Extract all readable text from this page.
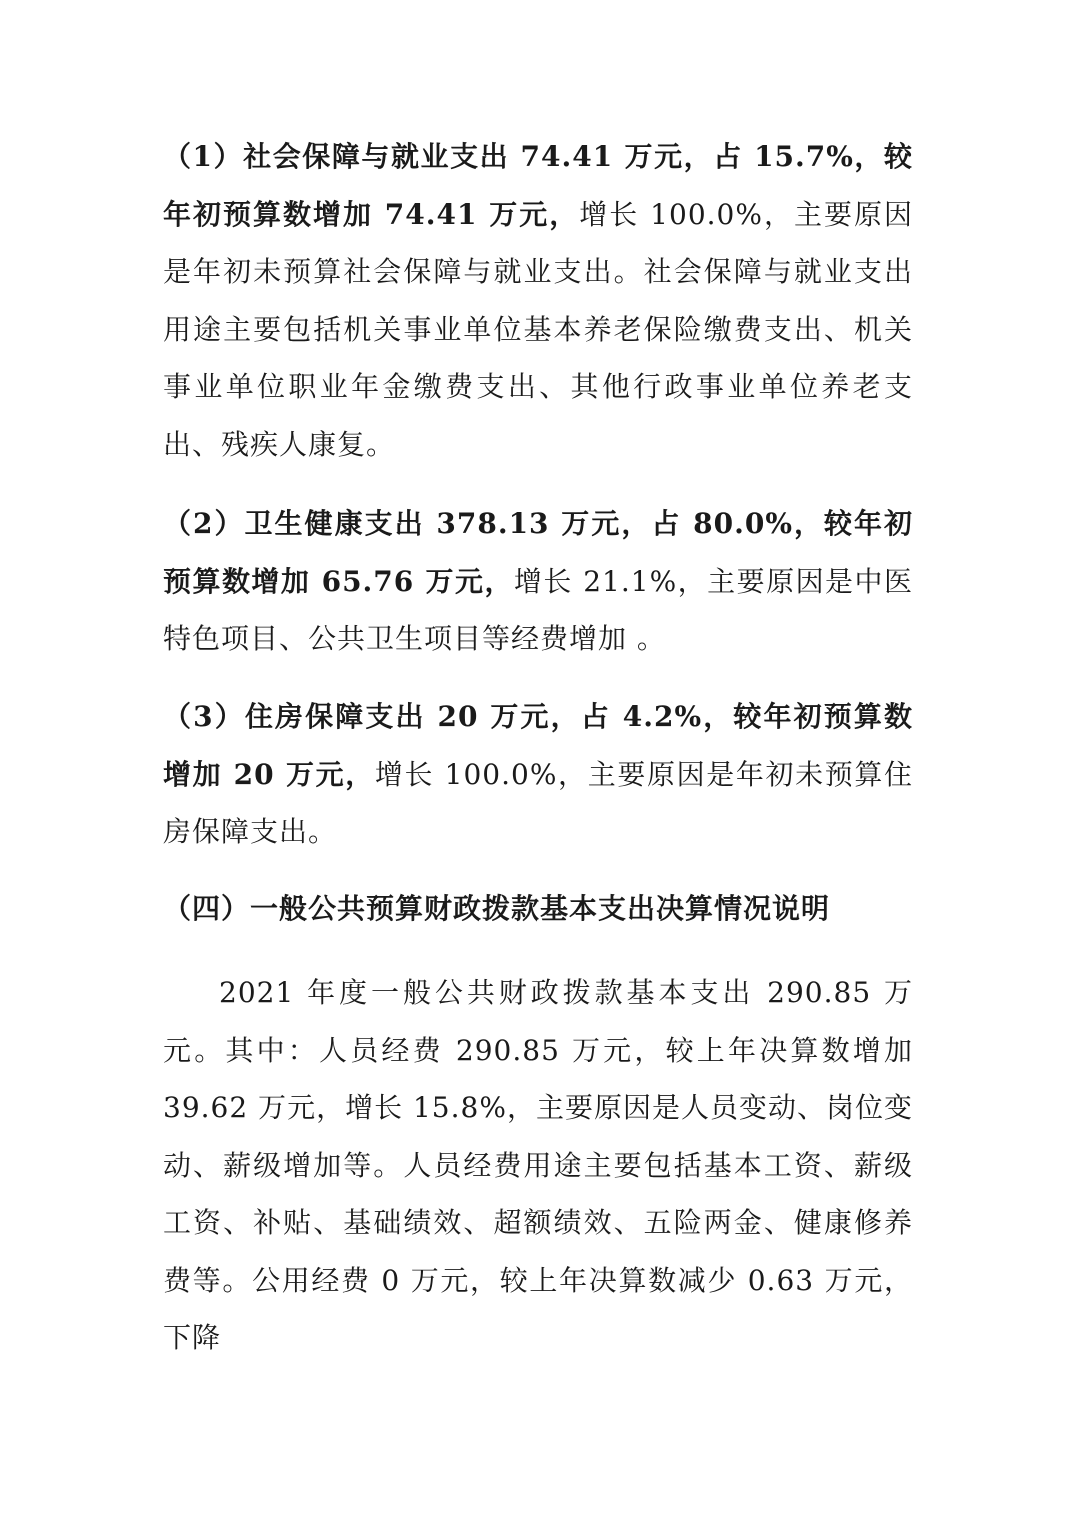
（1）社会保障与就业支出 74.41 万元，占 15.7%，较年初预算数增加 74.41 万元，增长 100.0%，主要原因是年初未预算社会保障与就业支出。社会保障与就业支出用途主要包括机关事业单位基本养老保险缴费支出、机关事业单位职业年金缴费支出、其他行政事业单位养老支出、残疾人康复。

（2）卫生健康支出 378.13 万元，占 80.0%，较年初预算数增加 65.76 万元，增长 21.1%，主要原因是中医特色项目、公共卫生项目等经费增加 。

（3）住房保障支出 20 万元，占 4.2%，较年初预算数增加 20 万元，增长 100.0%，主要原因是年初未预算住房保障支出。

（四）一般公共预算财政拨款基本支出决算情况说明

2021 年度一般公共财政拨款基本支出 290.85 万元。其中：人员经费 290.85 万元，较上年决算数增加 39.62 万元，增长 15.8%，主要原因是人员变动、岗位变动、薪级增加等。人员经费用途主要包括基本工资、薪级工资、补贴、基础绩效、超额绩效、五险两金、健康修养费等。公用经费 0 万元，较上年决算数减少 0.63 万元，下降
